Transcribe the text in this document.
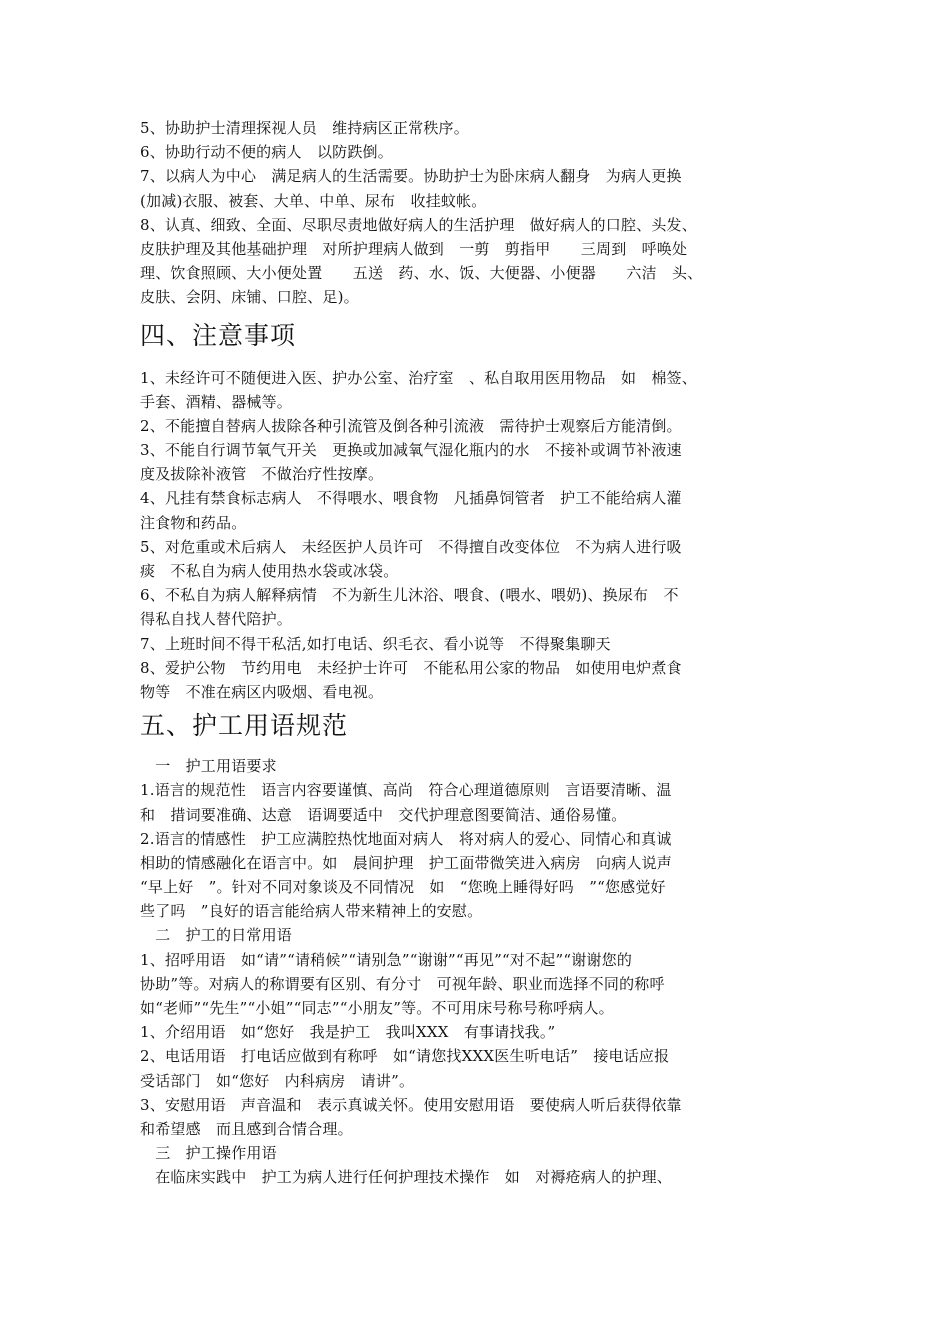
5、协助护士清理探视人员　维持病区正常秩序。
6、协助行动不便的病人　以防跌倒。
7、以病人为中心　满足病人的生活需要。协助护士为卧床病人翻身　为病人更换
(加减)衣服、被套、大单、中单、尿布　收挂蚊帐。
8、认真、细致、全面、尽职尽责地做好病人的生活护理　做好病人的口腔、头发、
皮肤护理及其他基础护理　对所护理病人做到　一剪　剪指甲　　三周到　呼唤处
理、饮食照顾、大小便处置　　五送　药、水、饭、大便器、小便器　　六洁　头、
皮肤、会阴、床铺、口腔、足)。
四、注意事项
1、未经许可不随便进入医、护办公室、治疗室　、私自取用医用物品　如　棉签、
手套、酒精、器械等。
2、不能擅自替病人拔除各种引流管及倒各种引流液　需待护士观察后方能清倒。
3、不能自行调节氧气开关　更换或加减氧气湿化瓶内的水　不接补或调节补液速
度及拔除补液管　不做治疗性按摩。
4、凡挂有禁食标志病人　不得喂水、喂食物　凡插鼻饲管者　护工不能给病人灌
注食物和药品。
5、对危重或术后病人　未经医护人员许可　不得擅自改变体位　不为病人进行吸
痰　不私自为病人使用热水袋或冰袋。
6、不私自为病人解释病情　不为新生儿沐浴、喂食、(喂水、喂奶)、换尿布　不
得私自找人替代陪护。
7、上班时间不得干私活,如打电话、织毛衣、看小说等　不得聚集聊天
8、爱护公物　节约用电　未经护士许可　不能私用公家的物品　如使用电炉煮食
物等　不准在病区内吸烟、看电视。
五、护工用语规范
　一　护工用语要求
1.语言的规范性　语言内容要谨慎、高尚　符合心理道德原则　言语要清晰、温
和　措词要准确、达意　语调要适中　交代护理意图要简洁、通俗易懂。
2.语言的情感性　护工应满腔热忱地面对病人　将对病人的爱心、同情心和真诚
相助的情感融化在语言中。如　晨间护理　护工面带微笑进入病房　向病人说声
“早上好　”。针对不同对象谈及不同情况　如　“您晚上睡得好吗　”“您感觉好
些了吗　”良好的语言能给病人带来精神上的安慰。
　二　护工的日常用语
1、招呼用语　如“请”“请稍候”“请别急”“谢谢”“再见”“对不起”“谢谢您的
协助”等。对病人的称谓要有区别、有分寸　可视年龄、职业而选择不同的称呼
如“老师”“先生”“小姐”“同志”“小朋友”等。不可用床号称号称呼病人。
1、介绍用语　如“您好　我是护工　我叫XXX　有事请找我。”
2、电话用语　打电话应做到有称呼　如“请您找XXX医生听电话”　接电话应报
受话部门　如“您好　内科病房　请讲”。
3、安慰用语　声音温和　表示真诚关怀。使用安慰用语　要使病人听后获得依靠
和希望感　而且感到合情合理。
　三　护工操作用语
　在临床实践中　护工为病人进行任何护理技术操作　如　对褥疮病人的护理、
